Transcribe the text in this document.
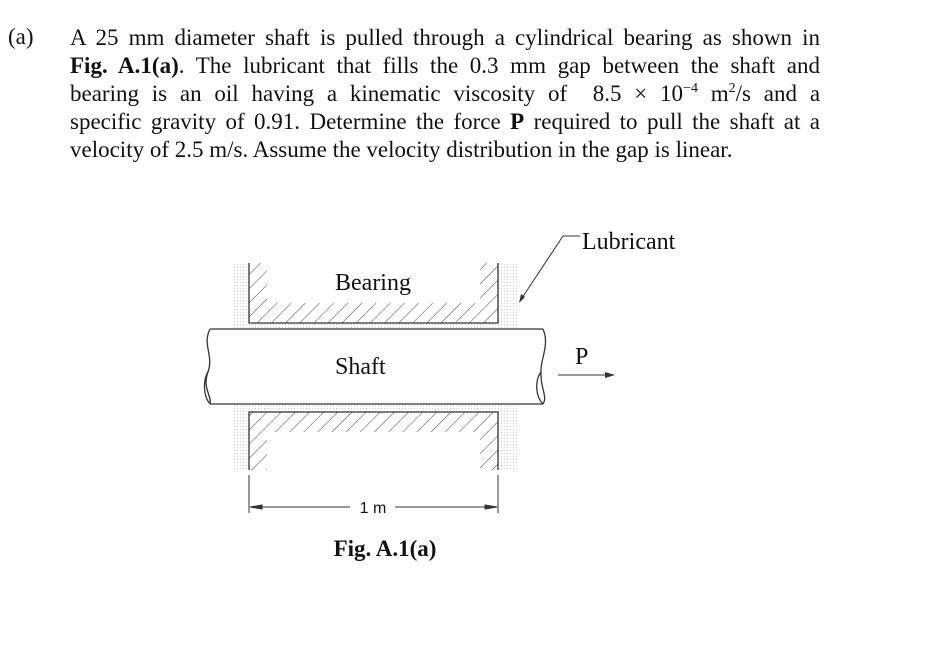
(a) A 25 mm diameter shaft is pulled through a cylindrical bearing as shown in
Fig. A.1(a). The lubricant that fills the 0.3 mm gap between the shaft and
bearing is an oil having a kinematic viscosity of $8.5 \times 10^{-4}$ $m^2/s$ and a
specific gravity of 0.91. Determine the force P required to pull the shaft at a
velocity of 2.5 m/s. Assume the velocity distribution in the gap is linear.
Bearing
Shaft
Lubricant
P
1 m
Fig. A.1(a)
